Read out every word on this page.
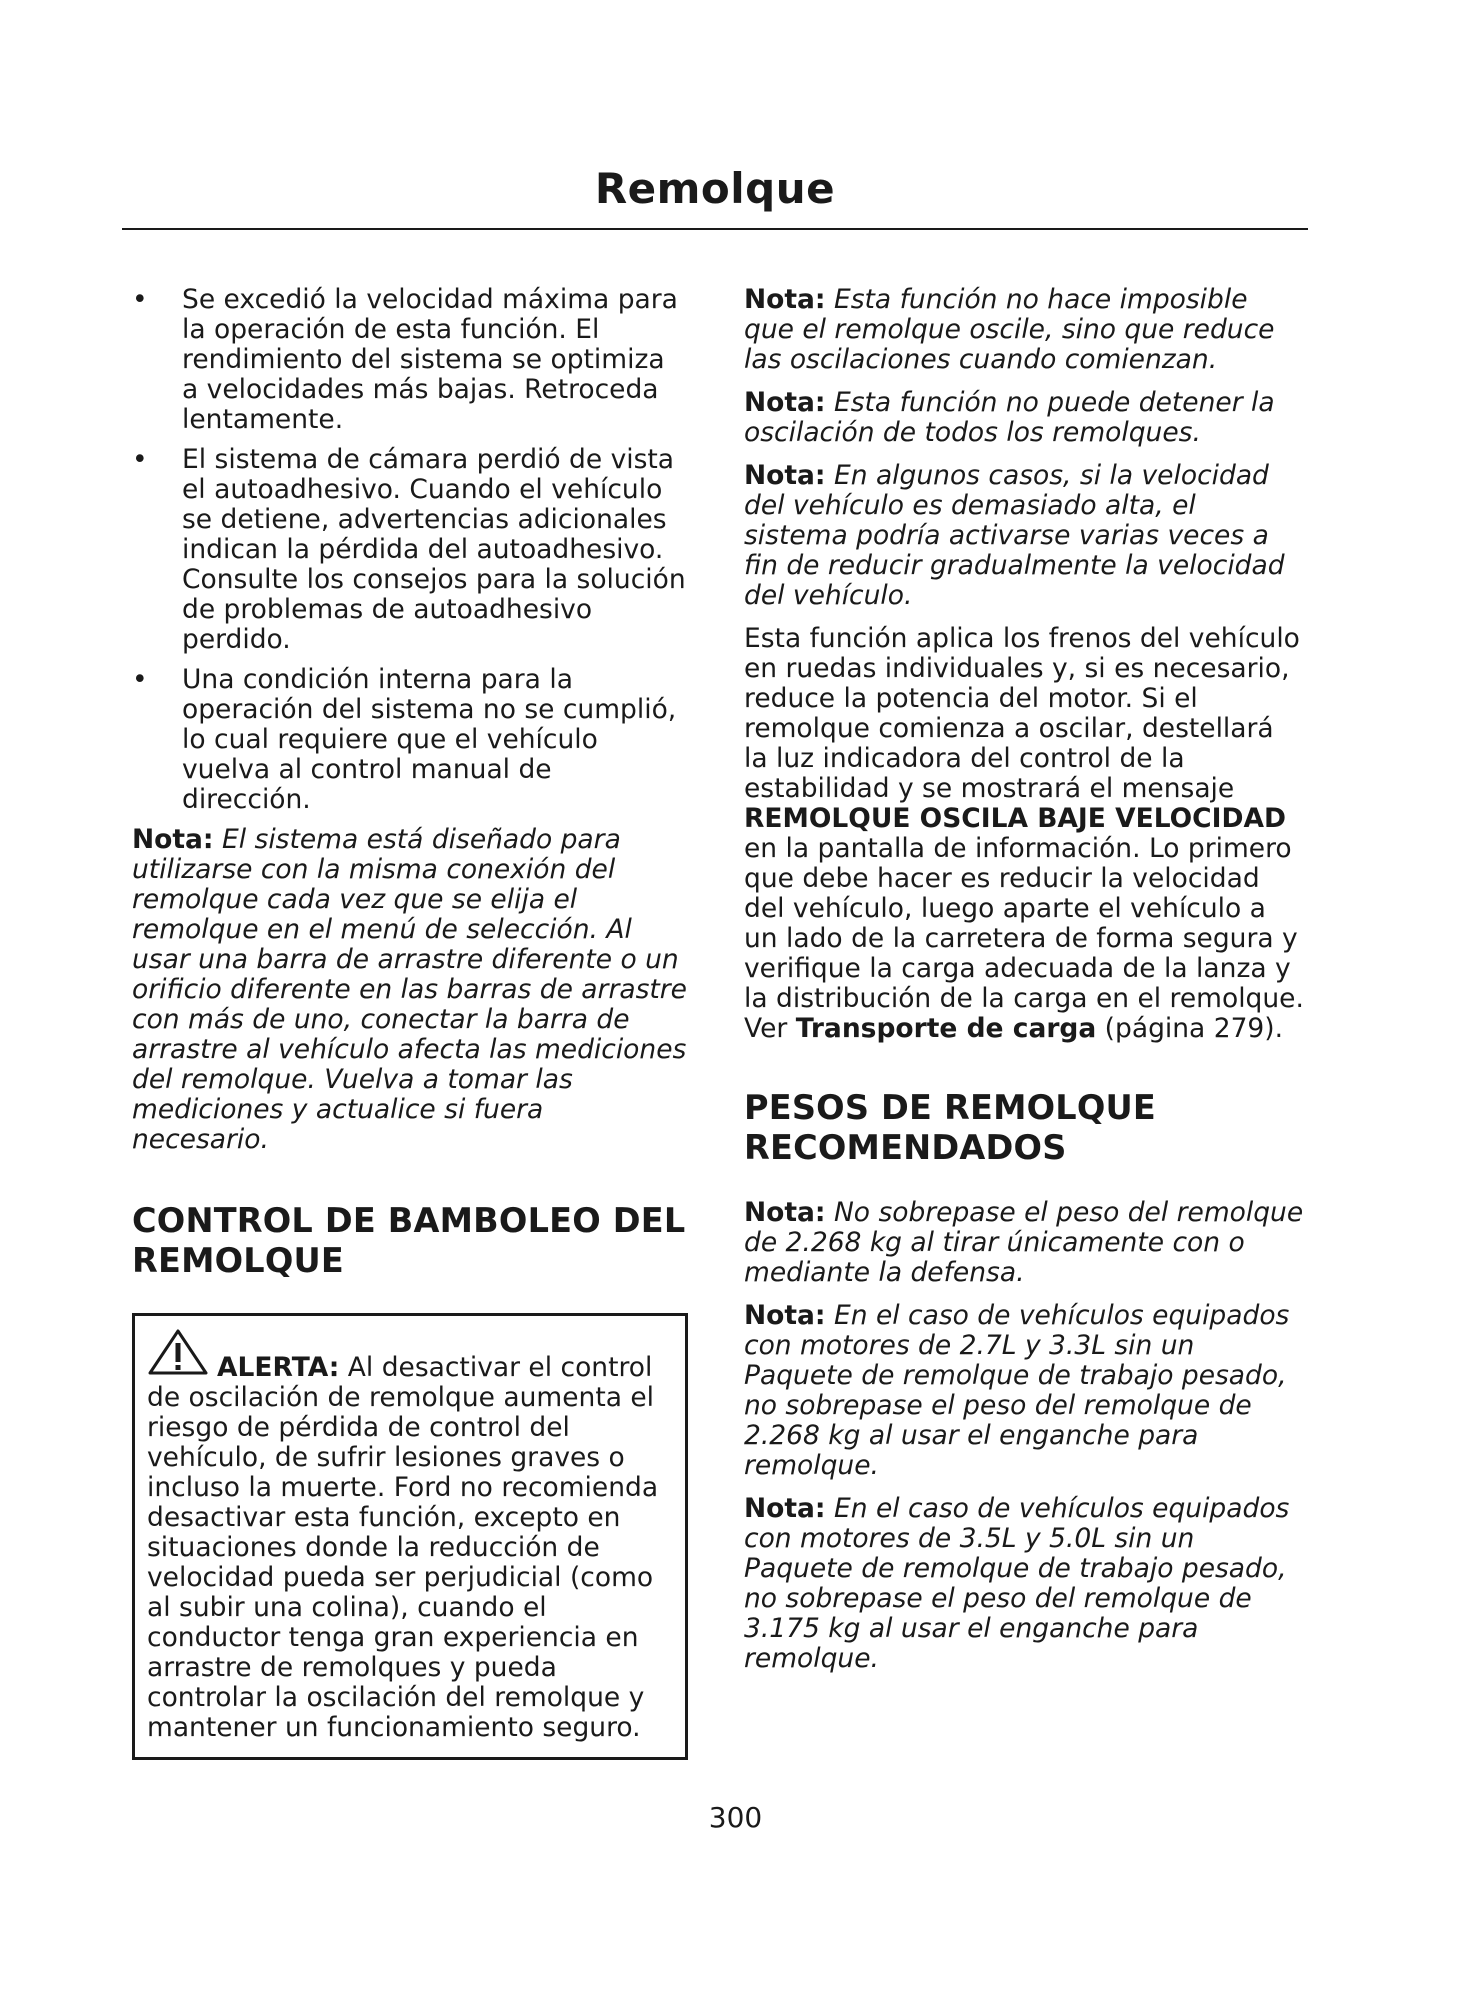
Remolque
• Se excedió la velocidad máxima para la operación de esta función. El rendimiento del sistema se optimiza a velocidades más bajas. Retroceda lentamente.
• El sistema de cámara perdió de vista el autoadhesivo. Cuando el vehículo se detiene, advertencias adicionales indican la pérdida del autoadhesivo. Consulte los consejos para la solución de problemas de autoadhesivo perdido.
• Una condición interna para la operación del sistema no se cumplió, lo cual requiere que el vehículo vuelva al control manual de dirección.

Nota: El sistema está diseñado para utilizarse con la misma conexión del remolque cada vez que se elija el remolque en el menú de selección. Al usar una barra de arrastre diferente o un orificio diferente en las barras de arrastre con más de uno, conectar la barra de arrastre al vehículo afecta las mediciones del remolque. Vuelva a tomar las mediciones y actualice si fuera necesario.

CONTROL DE BAMBOLEO DEL REMOLQUE
ALERTA: Al desactivar el control de oscilación de remolque aumenta el riesgo de pérdida de control del vehículo, de sufrir lesiones graves o incluso la muerte. Ford no recomienda desactivar esta función, excepto en situaciones donde la reducción de velocidad pueda ser perjudicial (como al subir una colina), cuando el conductor tenga gran experiencia en arrastre de remolques y pueda controlar la oscilación del remolque y mantener un funcionamiento seguro.

Nota: Esta función no hace imposible que el remolque oscile, sino que reduce las oscilaciones cuando comienzan.

Nota: Esta función no puede detener la oscilación de todos los remolques.

Nota: En algunos casos, si la velocidad del vehículo es demasiado alta, el sistema podría activarse varias veces a fin de reducir gradualmente la velocidad del vehículo.

Esta función aplica los frenos del vehículo en ruedas individuales y, si es necesario, reduce la potencia del motor. Si el remolque comienza a oscilar, destellará la luz indicadora del control de la estabilidad y se mostrará el mensaje REMOLQUE OSCILA BAJE VELOCIDAD en la pantalla de información. Lo primero que debe hacer es reducir la velocidad del vehículo, luego aparte el vehículo a un lado de la carretera de forma segura y verifique la carga adecuada de la lanza y la distribución de la carga en el remolque. Ver Transporte de carga (página 279).

PESOS DE REMOLQUE RECOMENDADOS

Nota: No sobrepase el peso del remolque de 2.268 kg al tirar únicamente con o mediante la defensa.

Nota: En el caso de vehículos equipados con motores de 2.7L y 3.3L sin un Paquete de remolque de trabajo pesado, no sobrepase el peso del remolque de 2.268 kg al usar el enganche para remolque.

Nota: En el caso de vehículos equipados con motores de 3.5L y 5.0L sin un Paquete de remolque de trabajo pesado, no sobrepase el peso del remolque de 3.175 kg al usar el enganche para remolque.

300
